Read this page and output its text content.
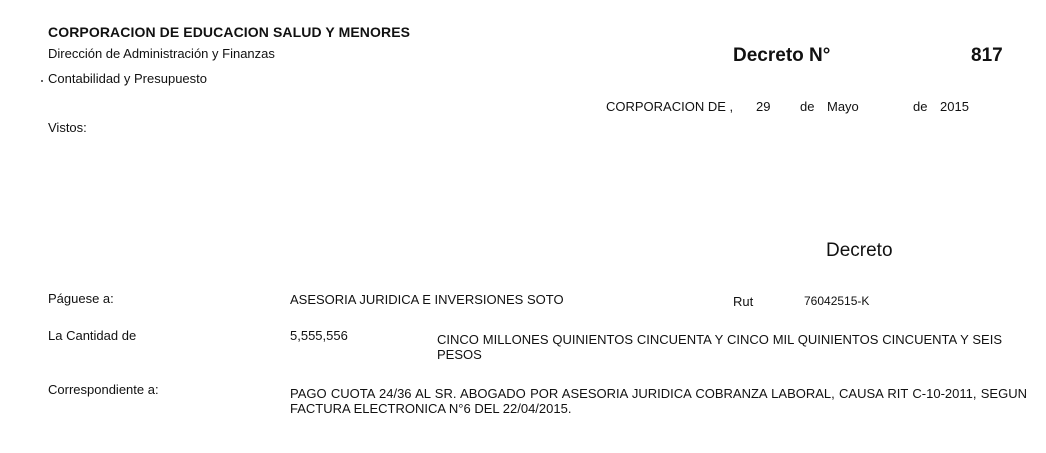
CORPORACION DE EDUCACION SALUD Y MENORES
Dirección de Administración y Finanzas
Contabilidad y Presupuesto
Decreto N°	817
CORPORACION DE , 29 de Mayo	de 2015
Vistos:
Decreto
Páguese a:	ASESORIA JURIDICA E INVERSIONES SOTO	Rut	76042515-K
La Cantidad de	5,555,556	CINCO MILLONES QUINIENTOS CINCUENTA Y CINCO MIL QUINIENTOS CINCUENTA Y SEIS PESOS
Correspondiente a:	PAGO CUOTA 24/36 AL SR. ABOGADO POR ASESORIA JURIDICA COBRANZA LABORAL, CAUSA RIT C-10-2011, SEGUN FACTURA ELECTRONICA N°6 DEL 22/04/2015.
